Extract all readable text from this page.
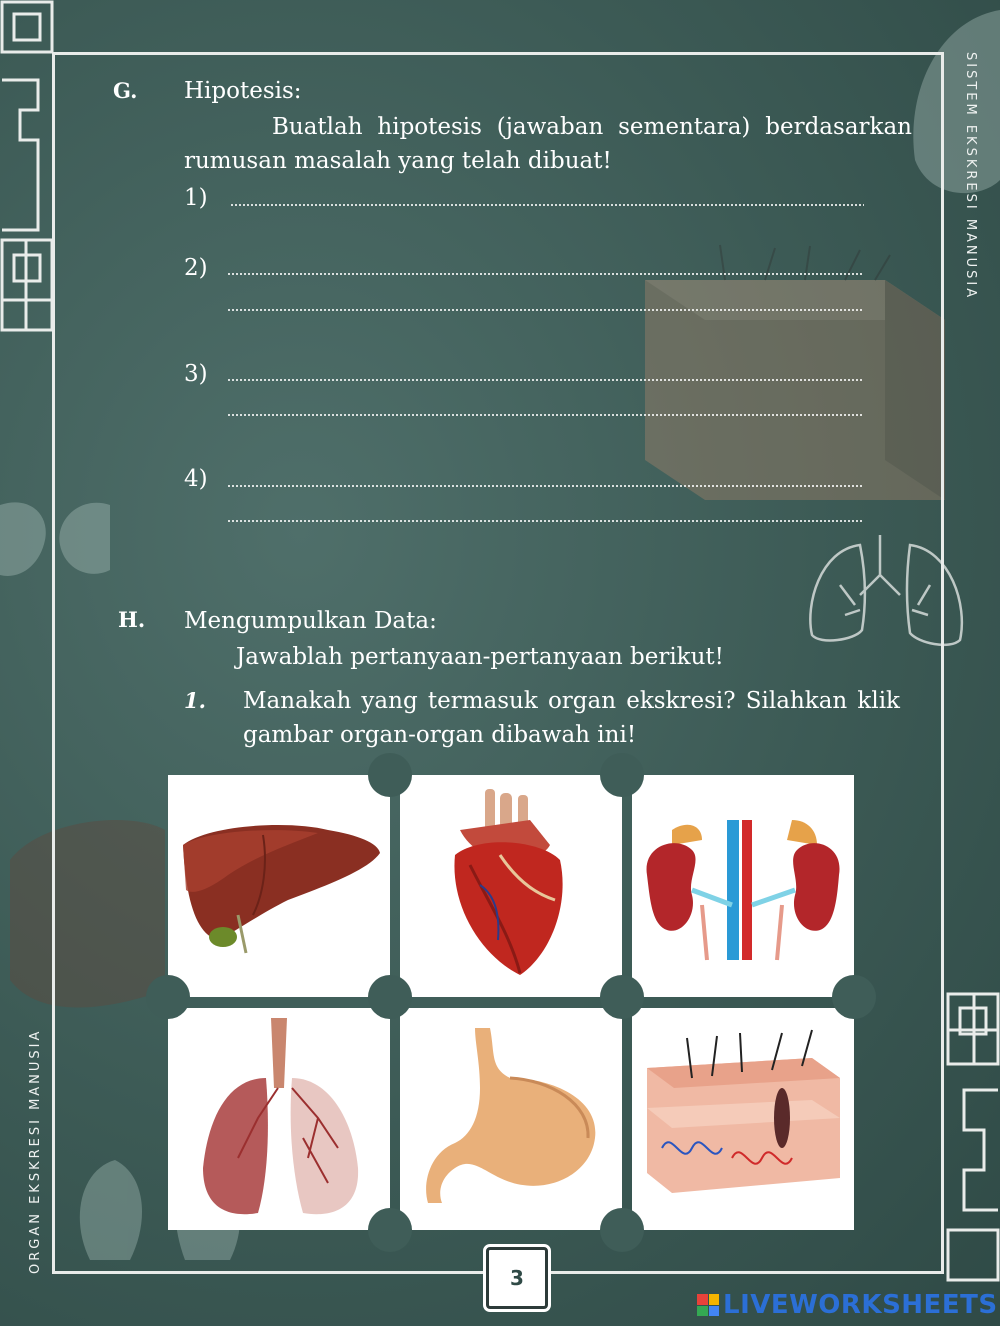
SISTEM EKSKRESI MANUSIA
ORGAN EKSKRESI MANUSIA
G. Hipotesis:
Buatlah hipotesis (jawaban sementara) berdasarkan rumusan masalah yang telah dibuat!
1)
2)
3)
4)
H. Mengumpulkan Data:
Jawablah pertanyaan-pertanyaan berikut!
1. Manakah yang termasuk organ ekskresi? Silahkan klik gambar organ-organ dibawah ini!
3
LIVEWORKSHEETS
